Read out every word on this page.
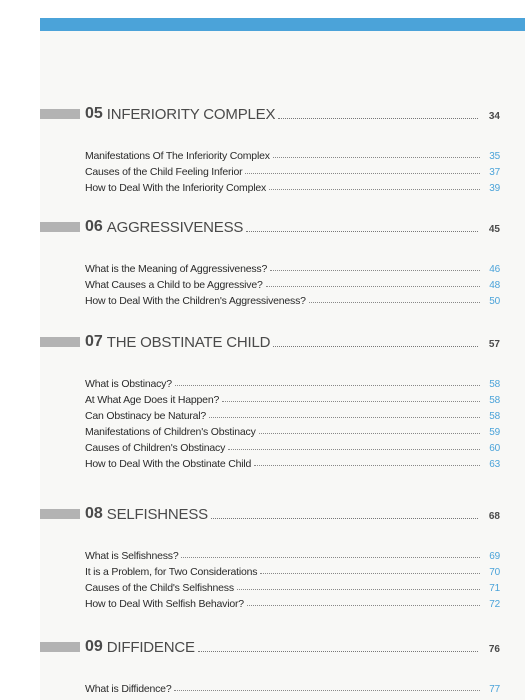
05 INFERIORITY COMPLEX	34
Manifestations Of The Inferiority Complex	35
Causes of the Child Feeling Inferior	37
How to Deal With the Inferiority Complex	39
06 AGGRESSIVENESS	45
What is the Meaning of Aggressiveness?	46
What Causes a Child to be Aggressive?	48
How to Deal With the Children's Aggressiveness?	50
07 THE OBSTINATE CHILD	57
What is Obstinacy?	58
At What Age Does it Happen?	58
Can Obstinacy be Natural?	58
Manifestations of Children's Obstinacy	59
Causes of Children's Obstinacy	60
How to Deal With the Obstinate Child	63
08 SELFISHNESS	68
What is Selfishness?	69
It is a Problem, for Two Considerations	70
Causes of the Child's Selfishness	71
How to Deal With Selfish Behavior?	72
09 DIFFIDENCE	76
What is Diffidence?	77
